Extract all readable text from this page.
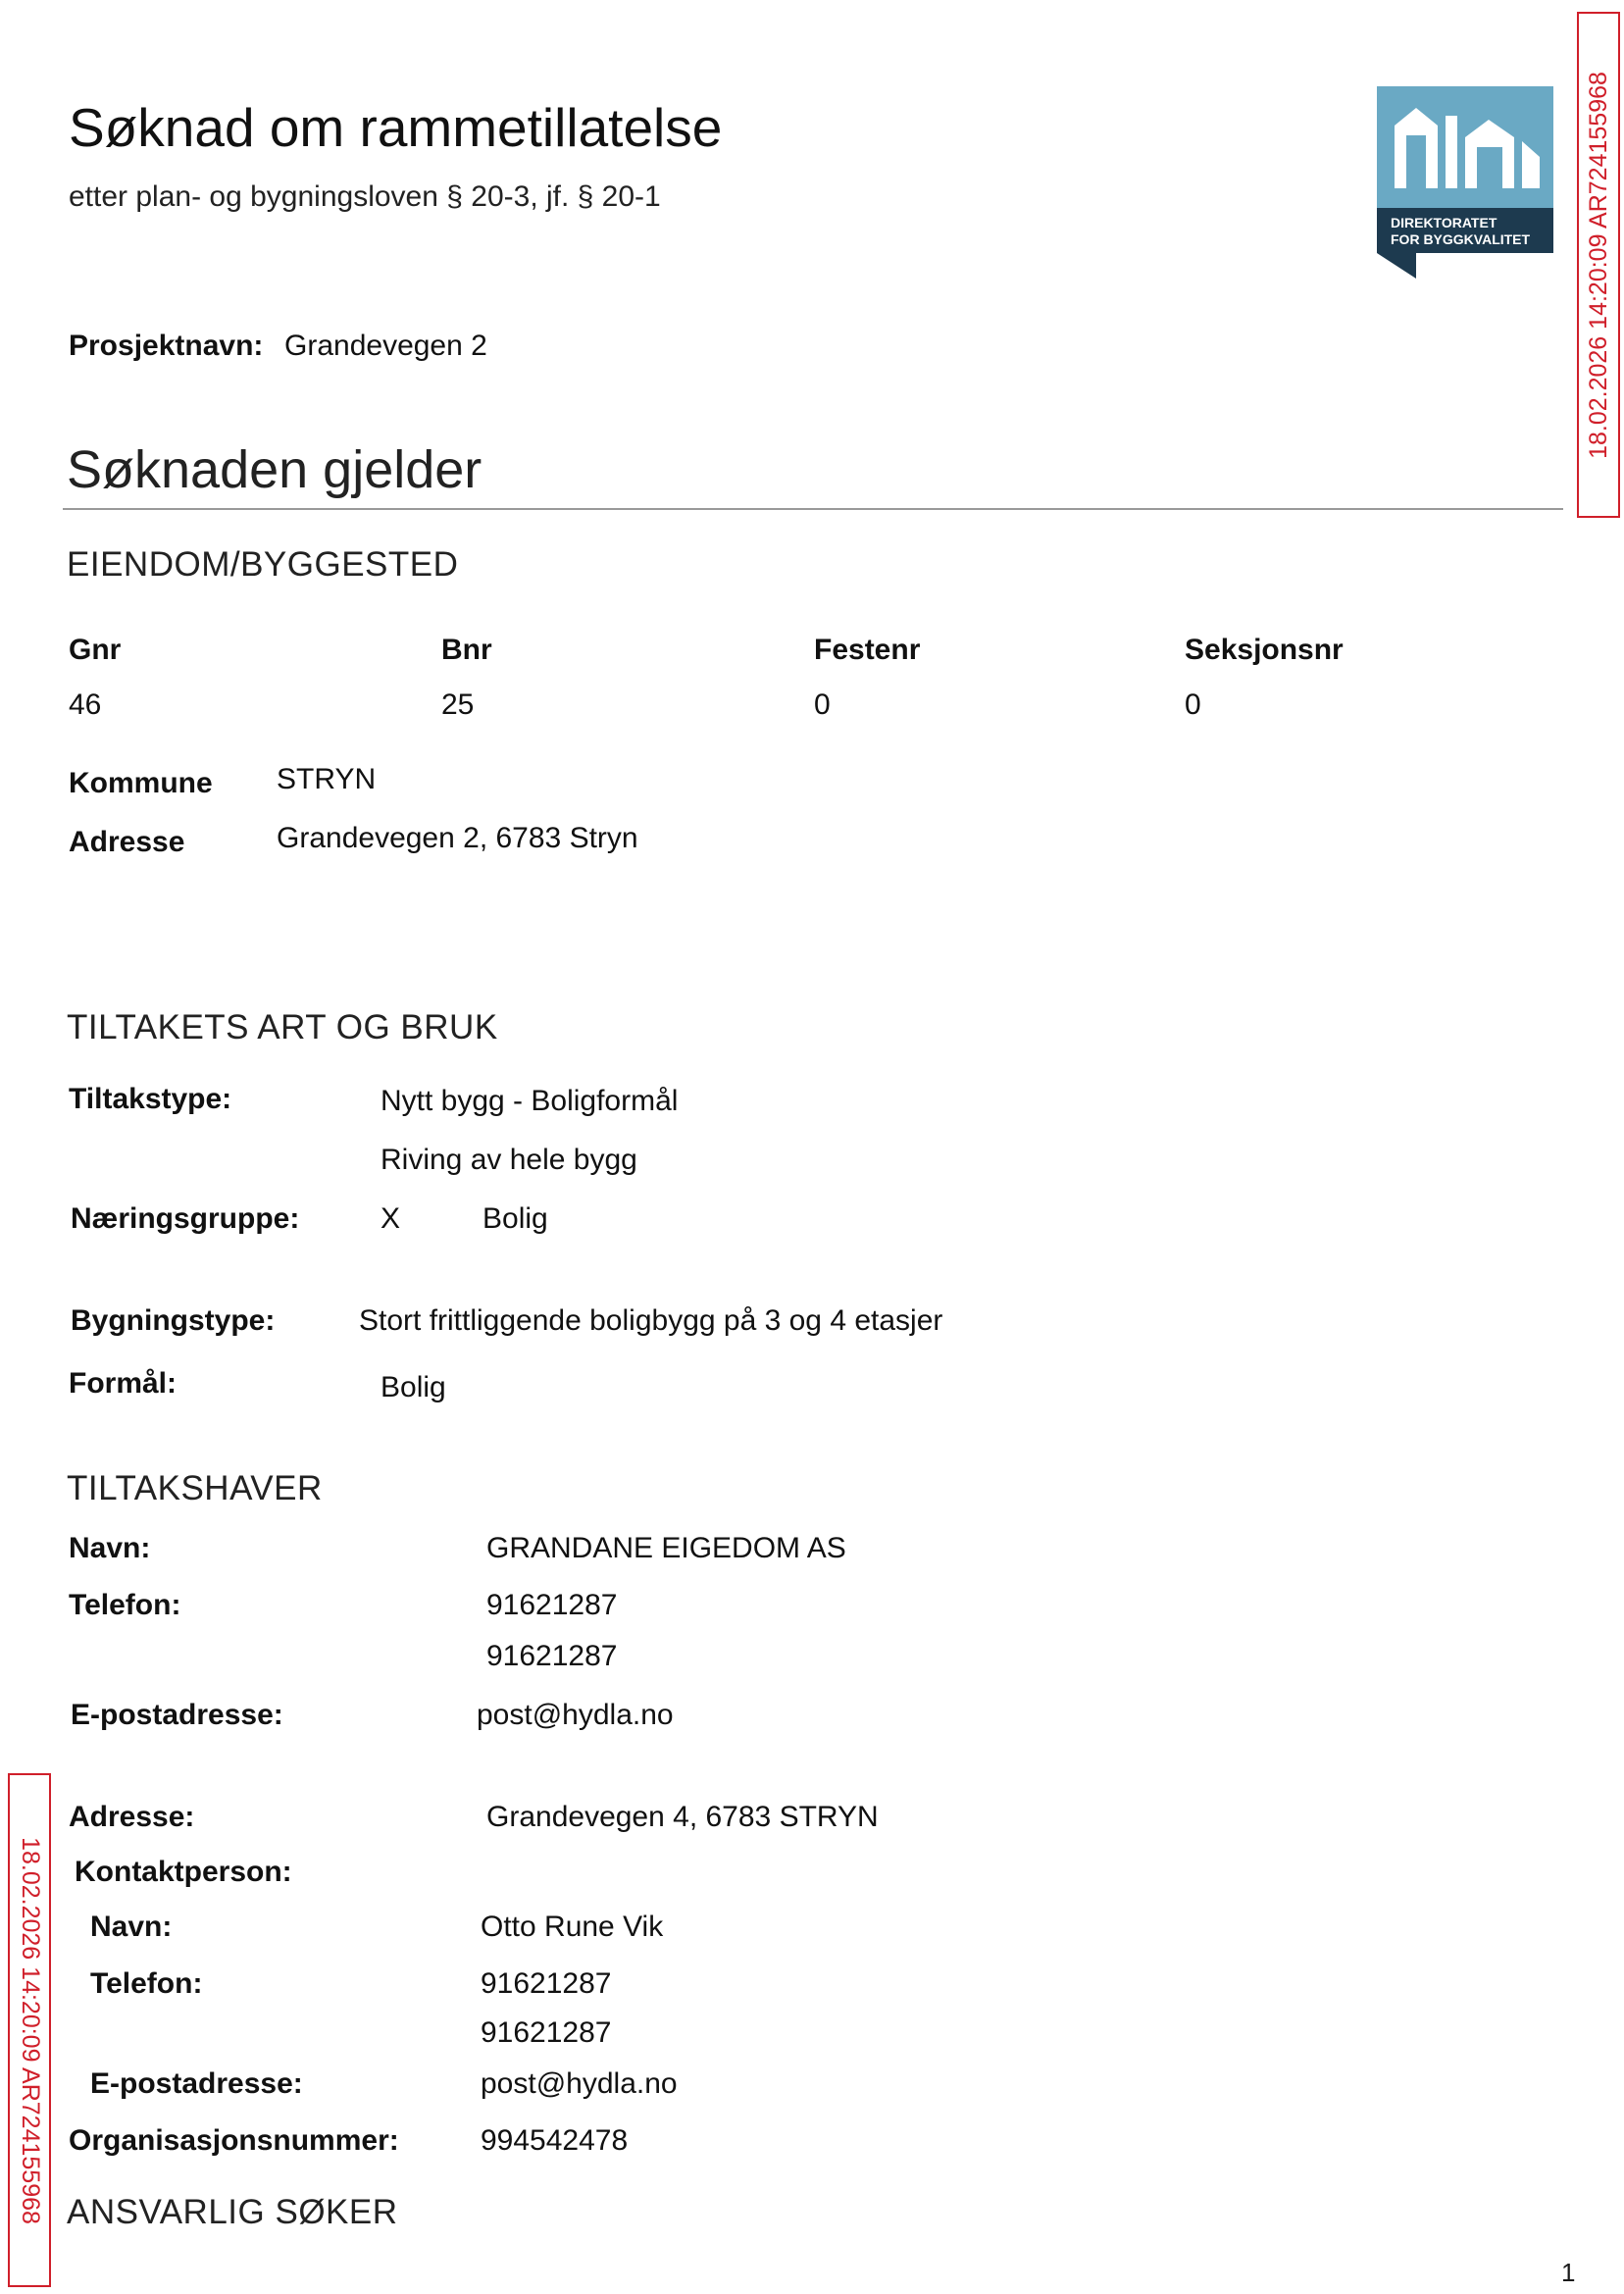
Søknad om rammetillatelse
etter plan- og bygningsloven § 20-3, jf. § 20-1
DIREKTORATET
FOR BYGGKVALITET 18.02.2026 14:20:09 AR724155968
18.02.2026 14:20:09 AR724155968
Prosjektnavn: Grandevegen 2
Søknaden gjelder
EIENDOM/BYGGESTED
Gnr	Bnr	Festenr	Seksjonsnr
46	25	0	0
Kommune STRYN
Adresse	Grandevegen 2, 6783 Stryn
TILTAKETS ART OG BRUK
Tiltakstype:	Nytt bygg - Boligformål
Riving av hele bygg
Næringsgruppe:	X	Bolig
Bygningstype:	Stort frittliggende boligbygg på 3 og 4 etasjer
Formål:	Bolig
TILTAKSHAVER
Navn:	GRANDANE EIGEDOM AS
Telefon:	91621287
91621287
E-postadresse:	post@hydla.no
Adresse:	Grandevegen 4, 6783 STRYN
Kontaktperson:
Navn:	Otto Rune Vik
Telefon:	91621287
91621287
E-postadresse:	post@hydla.no
Organisasjonsnummer:	994542478
ANSVARLIG SØKER
1
